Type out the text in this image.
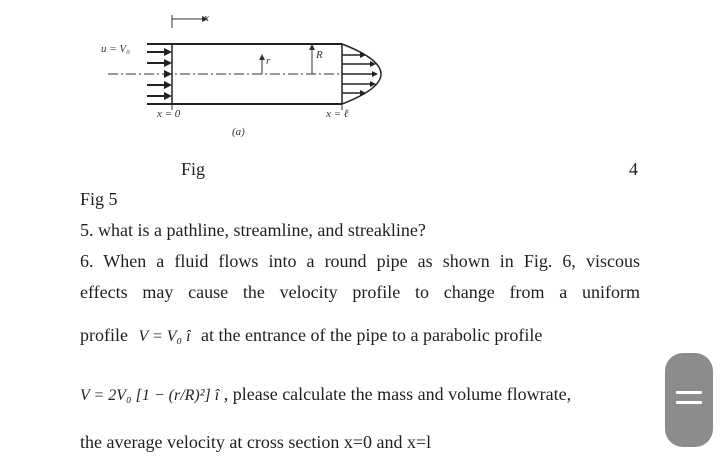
u = V₀
x
r	R
x = 0	x = ℓ
(a)
Fig	4
Fig 5
5. what is a pathline, streamline, and streakline?
6. When a fluid flows into a round pipe as shown in Fig. 6, viscous
effects may cause the velocity profile to change from a uniform
profile V = V₀ î at the entrance of the pipe to a parabolic profile
V = 2V₀ [1 − (r/R)²] î , please calculate the mass and volume flowrate,
the average velocity at cross section x=0 and x=l
